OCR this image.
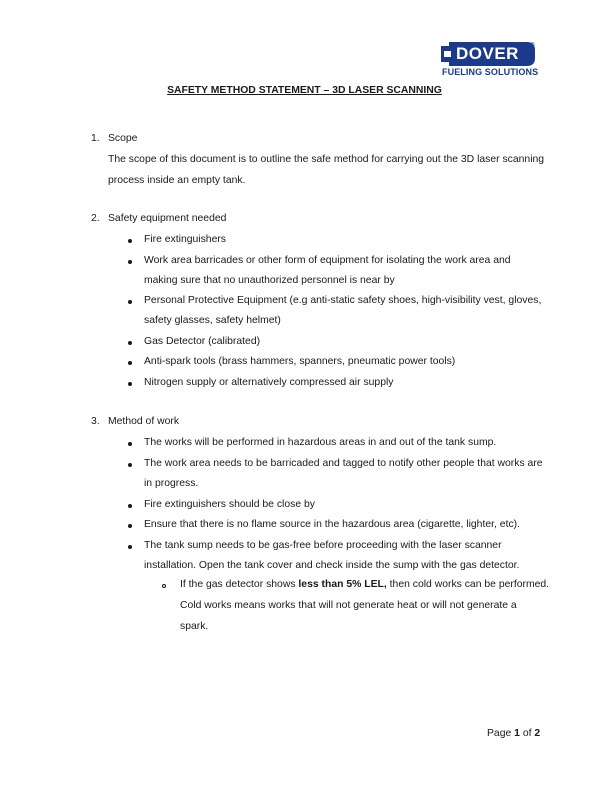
DOVER ®
FUELING SOLUTIONS
SAFETY METHOD STATEMENT – 3D LASER SCANNING
1. Scope
The scope of this document is to outline the safe method for carrying out the 3D laser scanning
process inside an empty tank.
2. Safety equipment needed
Fire extinguishers
Work area barricades or other form of equipment for isolating the work area and
making sure that no unauthorized personnel is near by
Personal Protective Equipment (e.g anti-static safety shoes, high-visibility vest, gloves,
safety glasses, safety helmet)
Gas Detector (calibrated)
Anti-spark tools (brass hammers, spanners, pneumatic power tools)
Nitrogen supply or alternatively compressed air supply
3. Method of work
The works will be performed in hazardous areas in and out of the tank sump.
The work area needs to be barricaded and tagged to notify other people that works are
in progress.
Fire extinguishers should be close by
Ensure that there is no flame source in the hazardous area (cigarette, lighter, etc).
The tank sump needs to be gas-free before proceeding with the laser scanner
installation. Open the tank cover and check inside the sump with the gas detector.
If the gas detector shows less than 5% LEL, then cold works can be performed.
Cold works means works that will not generate heat or will not generate a
spark.
Page 1 of 2
